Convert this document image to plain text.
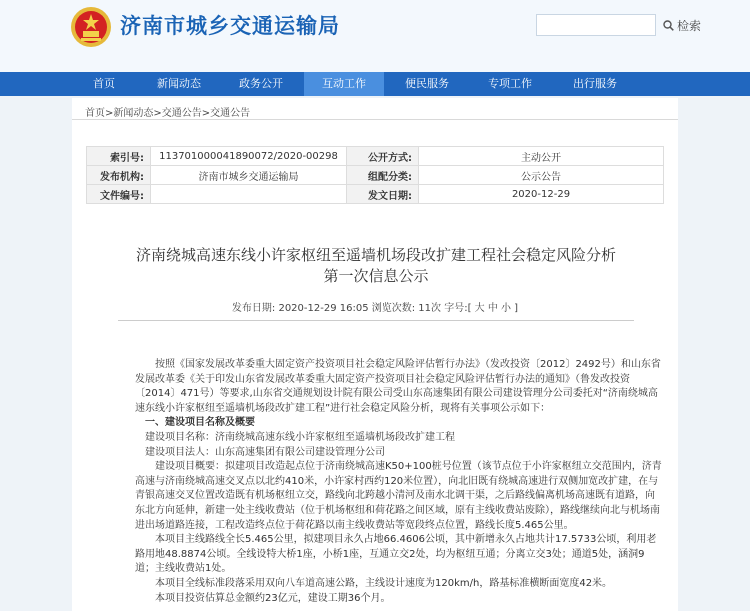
济南市城乡交通运输局	检索
首页	新闻动态	政务公开	互动工作	便民服务	专项工作	出行服务
首页>新闻动态>交通公告>交通公告
索引号:	11370100004189007​2/2020-00298	公开方式:	主动公开
发布机构:	济南市城乡交通运输局	组配分类:	公示公告
文件编号:		发文日期:	2020-12-29
济南绕城高速东线小许家枢纽至遥墙机场段改扩建工程社会稳定风险分析第一次信息公示
发布日期: 2020-12-29 16:05 浏览次数: 11次 字号:[ 大 中 小 ]

按照《国家发展改革委重大固定资产投资项目社会稳定风险评估暂行办法》（发改投资〔2012〕2492号）和山东省发展改革委《关于印发山东省发展改革委重大固定资产投资项目社会稳定风险评估暂行办法的通知》（鲁发改投资〔2014〕471号）等要求,山东省交通规划设计院有限公司受山东高速集团有限公司建设管理分公司委托对“济南绕城高速东线小许家枢纽至遥墙机场段改扩建工程”进行社会稳定风险分析，现将有关事项公示如下：

一、建设项目名称及概要

建设项目名称：济南绕城高速东线小许家枢纽至遥墙机场段改扩建工程

建设项目法人：山东高速集团有限公司建设管理分公司

建设项目概要：拟建项目改造起点位于济南绕城高速K50+100桩号位置（该节点位于小许家枢纽立交范围内，济青高速与济南绕城高速交叉点以北约410米，小许家村西约120米位置），向北旧既有绕城高速进行双侧加宽改扩建，在与青银高速交叉位置改造既有机场枢纽立交，路线向北跨越小清河及南水北调干渠，之后路线偏离机场高速既有道路，向东北方向延伸，新建一处主线收费站（位于机场枢纽和荷花路之间区域，原有主线收费站废除），路线继续向北与机场南进出场道路连接，工程改造终点位于荷花路以南主线收费站等宽段终点位置，路线长度5.465公里。

本项目主线路线全长5.465公里，拟建项目永久占地66.4606公顷，其中新增永久占地共计17.5733公顷，利用老路用地48.8874公顷。全线设特大桥1座，小桥1座，互通立交2处，均为枢纽互通；分离立交3处；通道5处，涵洞9道；主线收费站1处。

本项目全线标准段落采用双向八车道高速公路，主线设计速度为120km/h，路基标准横断面宽度42米。

本项目投资估算总金额约23亿元，建设工期36个月。
